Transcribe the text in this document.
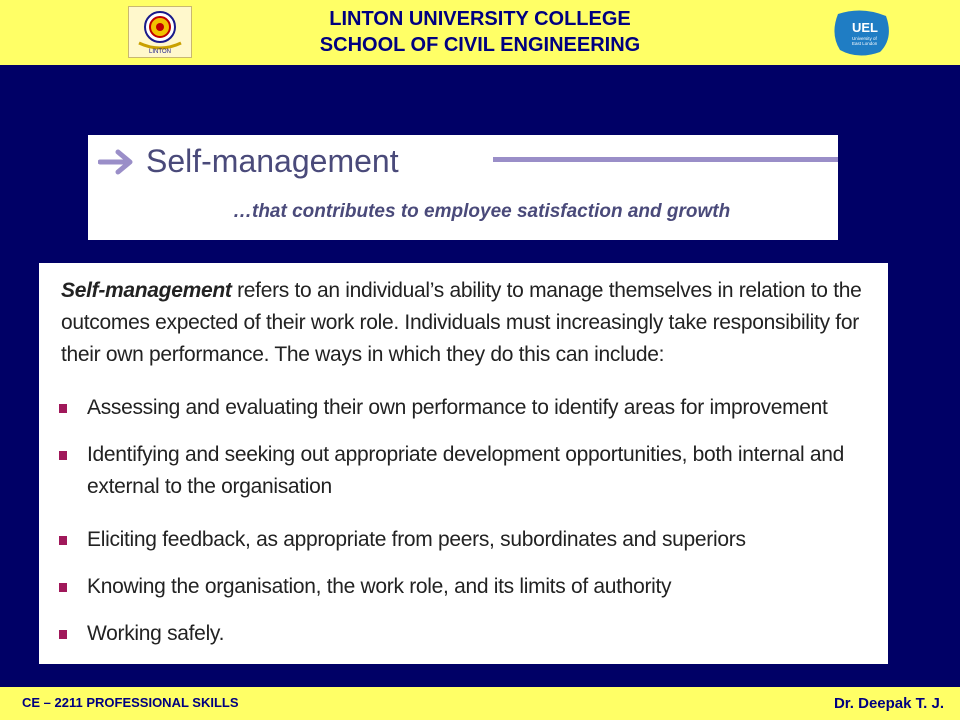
LINTON
LINTON UNIVERSITY COLLEGE
SCHOOL OF CIVIL ENGINEERING
UEL
University of
East London
Self-management
…that contributes to employee satisfaction and growth
Self-management refers to an individual’s ability to manage themselves in relation to the outcomes expected of their work role. Individuals must increasingly take responsibility for their own performance. The ways in which they do this can include:
Assessing and evaluating their own performance to identify areas for improvement
Identifying and seeking out appropriate development opportunities, both internal and external to the organisation
Eliciting feedback, as appropriate from peers, subordinates and superiors
Knowing the organisation, the work role, and its limits of authority
Working safely.
CE – 2211 PROFESSIONAL SKILLS	Dr. Deepak T. J.
